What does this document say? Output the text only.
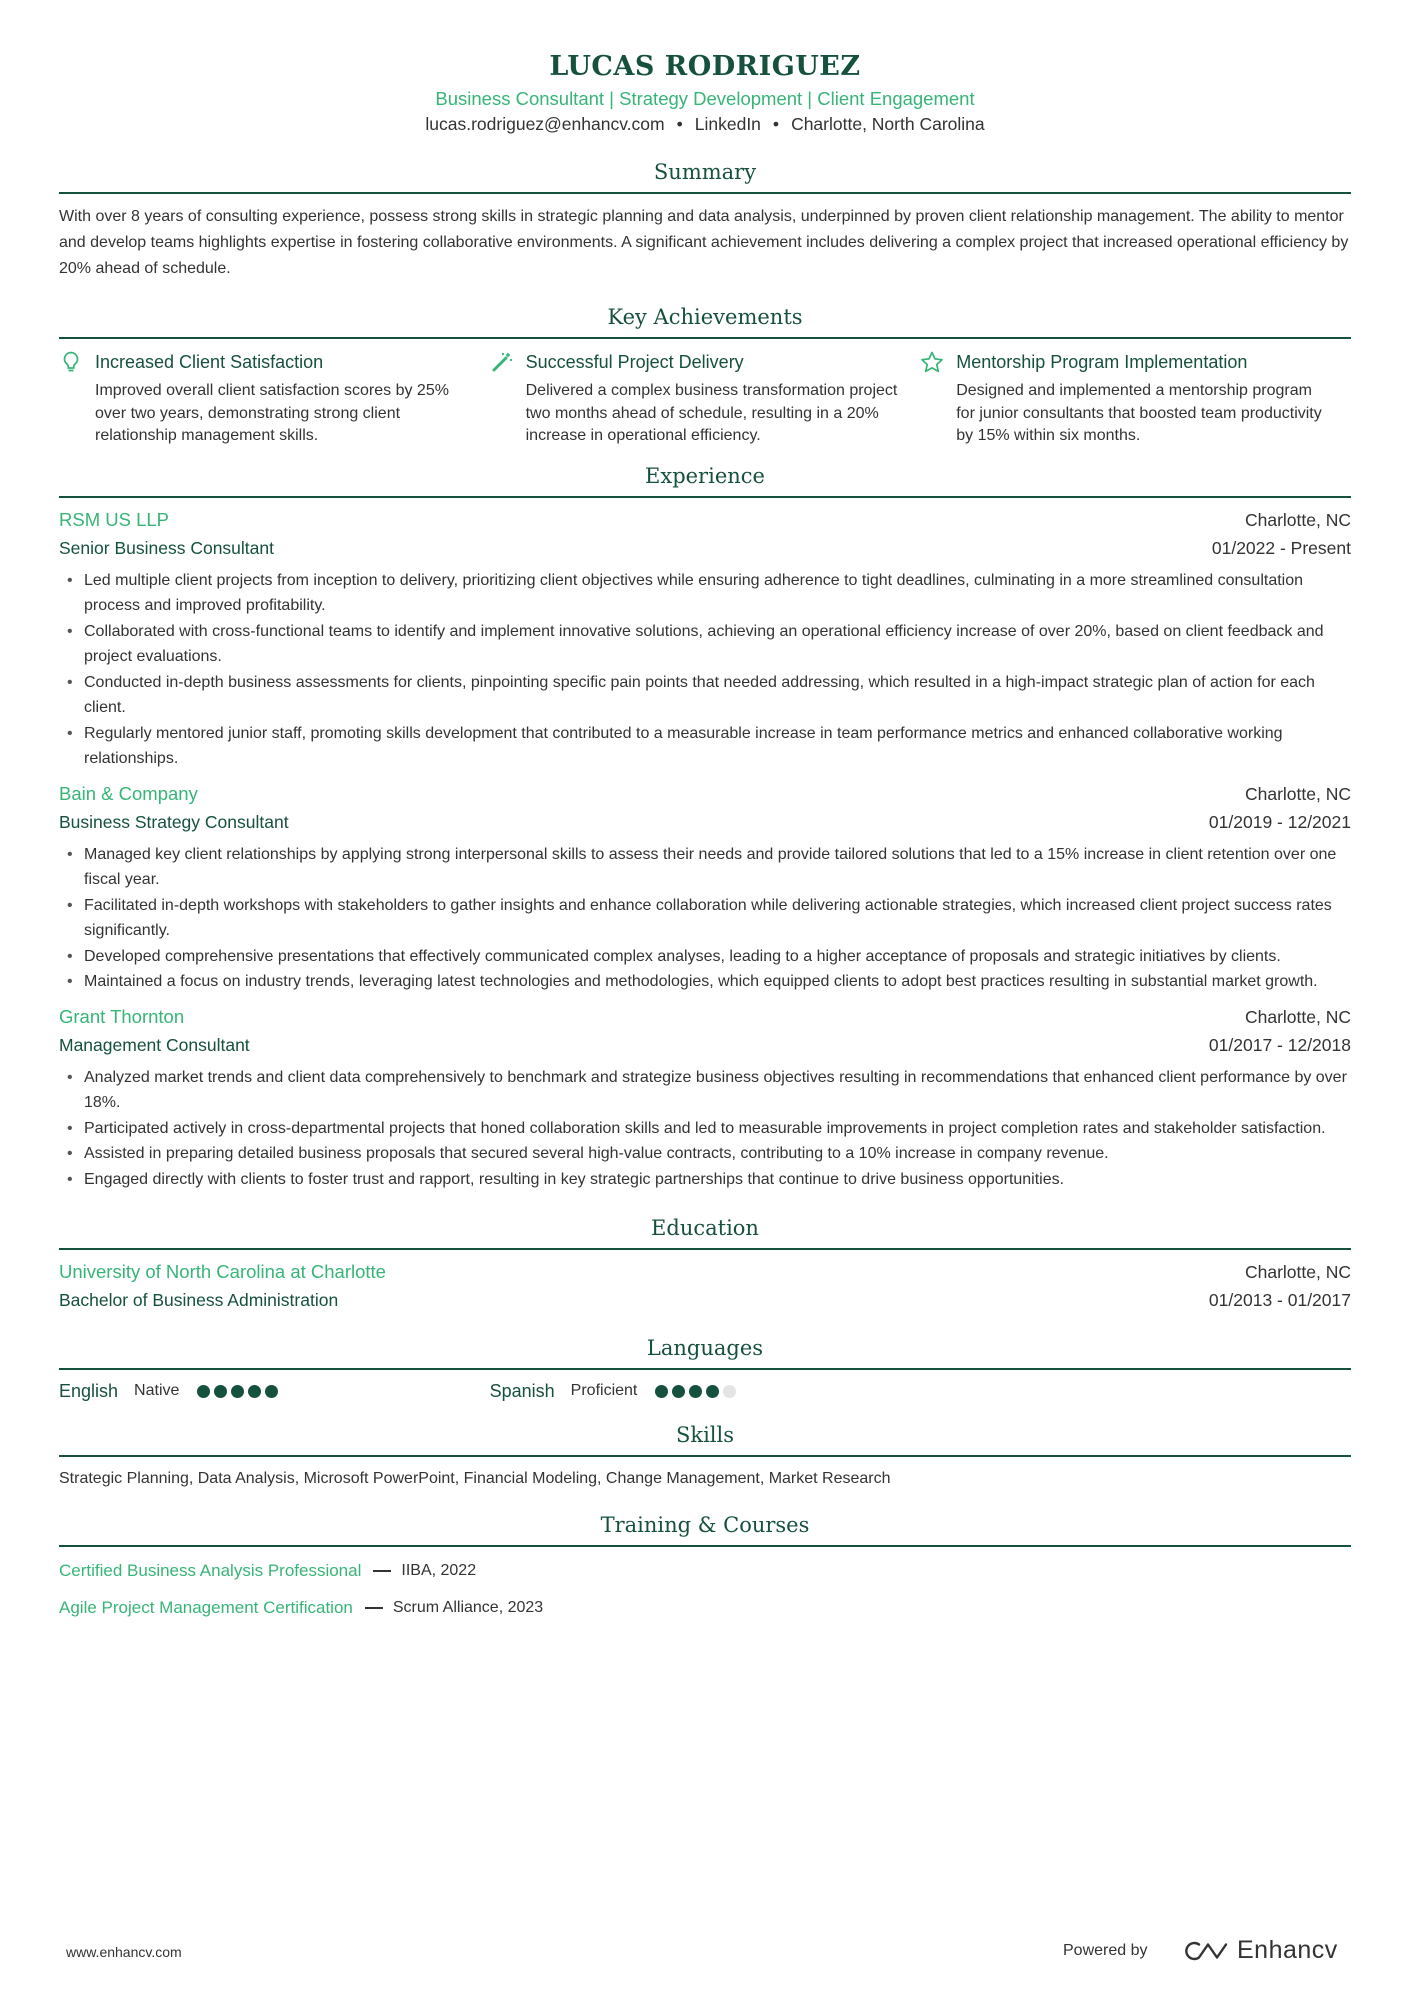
LUCAS RODRIGUEZ
Business Consultant | Strategy Development | Client Engagement
lucas.rodriguez@enhancv.com • LinkedIn • Charlotte, North Carolina
Summary
With over 8 years of consulting experience, possess strong skills in strategic planning and data analysis, underpinned by proven client relationship management. The ability to mentor and develop teams highlights expertise in fostering collaborative environments. A significant achievement includes delivering a complex project that increased operational efficiency by 20% ahead of schedule.
Key Achievements
Increased Client Satisfaction
Improved overall client satisfaction scores by 25% over two years, demonstrating strong client relationship management skills.
Successful Project Delivery
Delivered a complex business transformation project two months ahead of schedule, resulting in a 20% increase in operational efficiency.
Mentorship Program Implementation
Designed and implemented a mentorship program for junior consultants that boosted team productivity by 15% within six months.
Experience
RSM US LLP	Charlotte, NC
Senior Business Consultant	01/2022 - Present
• Led multiple client projects from inception to delivery, prioritizing client objectives while ensuring adherence to tight deadlines, culminating in a more streamlined consultation process and improved profitability.
• Collaborated with cross-functional teams to identify and implement innovative solutions, achieving an operational efficiency increase of over 20%, based on client feedback and project evaluations.
• Conducted in-depth business assessments for clients, pinpointing specific pain points that needed addressing, which resulted in a high-impact strategic plan of action for each client.
• Regularly mentored junior staff, promoting skills development that contributed to a measurable increase in team performance metrics and enhanced collaborative working relationships.
Bain & Company	Charlotte, NC
Business Strategy Consultant	01/2019 - 12/2021
• Managed key client relationships by applying strong interpersonal skills to assess their needs and provide tailored solutions that led to a 15% increase in client retention over one fiscal year.
• Facilitated in-depth workshops with stakeholders to gather insights and enhance collaboration while delivering actionable strategies, which increased client project success rates significantly.
• Developed comprehensive presentations that effectively communicated complex analyses, leading to a higher acceptance of proposals and strategic initiatives by clients.
• Maintained a focus on industry trends, leveraging latest technologies and methodologies, which equipped clients to adopt best practices resulting in substantial market growth.
Grant Thornton	Charlotte, NC
Management Consultant	01/2017 - 12/2018
• Analyzed market trends and client data comprehensively to benchmark and strategize business objectives resulting in recommendations that enhanced client performance by over 18%.
• Participated actively in cross-departmental projects that honed collaboration skills and led to measurable improvements in project completion rates and stakeholder satisfaction.
• Assisted in preparing detailed business proposals that secured several high-value contracts, contributing to a 10% increase in company revenue.
• Engaged directly with clients to foster trust and rapport, resulting in key strategic partnerships that continue to drive business opportunities.
Education
University of North Carolina at Charlotte	Charlotte, NC
Bachelor of Business Administration	01/2013 - 01/2017
Languages
English Native	Spanish Proficient
Skills
Strategic Planning, Data Analysis, Microsoft PowerPoint, Financial Modeling, Change Management, Market Research
Training & Courses
Certified Business Analysis Professional	IIBA, 2022
Agile Project Management Certification	Scrum Alliance, 2023
www.enhancv.com	Powered by	Enhancv
